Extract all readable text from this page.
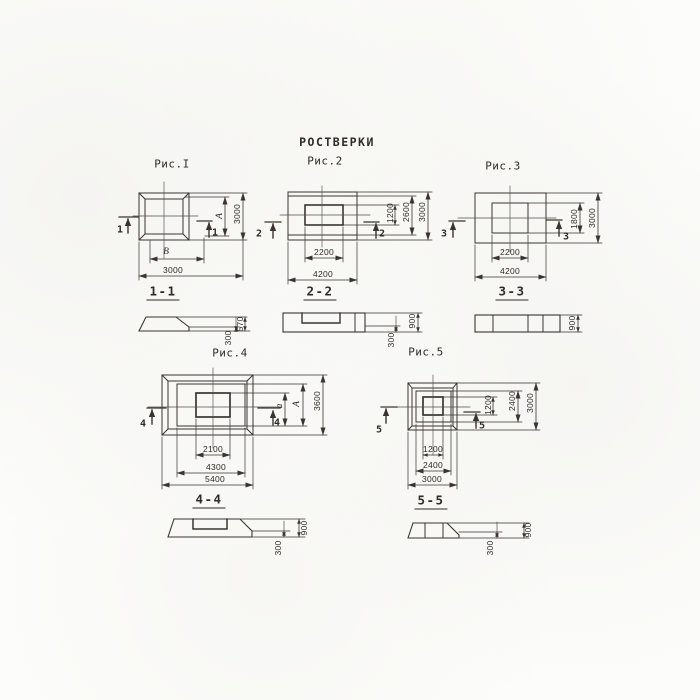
РОСТВЕРКИ
Рис.I
1	1
А 3000
В
3000
1-1
570
300
Рис.2
2	2
1200 2600 3000
2200
4200
2-2
900
300
Рис.3
3	3
1800 3000
2200
4200
3-3
900
Рис.4
4	4
а А 3600
2100
4300
5400
4-4
900
300
Рис.5
5	5
1200 2400 3000
1200
2400
3000
5-5
900
300
